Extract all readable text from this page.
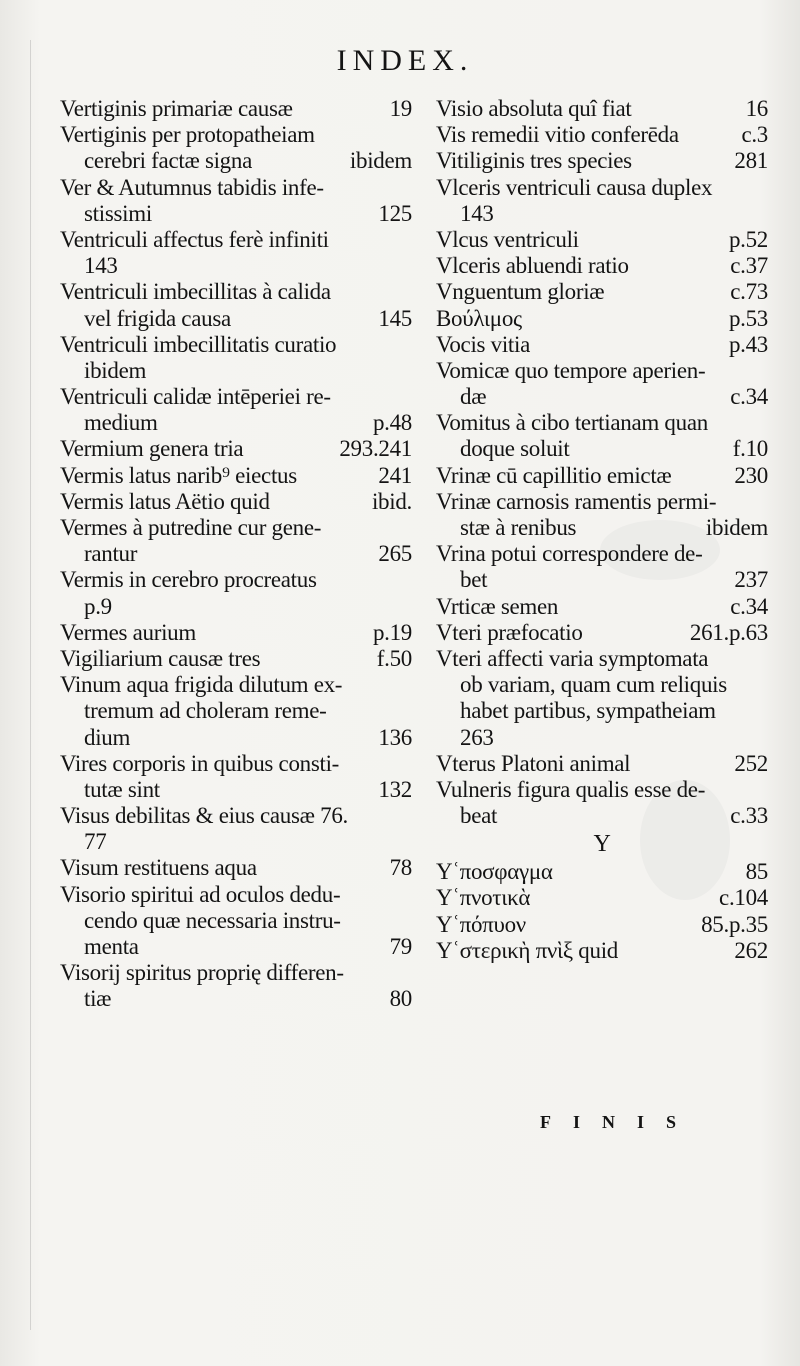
INDEX.
Vertiginis primariæ causæ	19
Vertiginis per protopatheiam
cerebri factæ signa	ibidem
Ver & Autumnus tabidis infe-
stissimi	125
Ventriculi affectus ferè infiniti
143
Ventriculi imbecillitas à calida
vel frigida causa	145
Ventriculi imbecillitatis curatio
ibidem
Ventriculi calidæ intēperiei re-
medium	p.48
Vermium genera tria	293.241
Vermis latus narib⁹ eiectus	241
Vermis latus Aëtio quid	ibid.
Vermes à putredine cur gene-
rantur	265
Vermis in cerebro procreatus
p.9
Vermes aurium	p.19
Vigiliarium causæ tres	f.50
Vinum aqua frigida dilutum ex-
tremum ad choleram reme-
dium	136
Vires corporis in quibus consti-
tutæ sint	132
Visus debilitas & eius causæ 76.
77
Visum restituens aqua	78
Visorio spiritui ad oculos dedu-
cendo quæ necessaria instru-
menta	79
Visorij spiritus proprię differen-
tiæ	80
Visio absoluta quî fiat	16
Vis remedii vitio conferēda	c.3
Vitiliginis tres species	281
Vlceris ventriculi causa duplex
143
Vlcus ventriculi	p.52
Vlceris abluendi ratio	c.37
Vnguentum gloriæ	c.73
Βούλιμος	p.53
Vocis vitia	p.43
Vomicæ quo tempore aperien-
dæ	c.34
Vomitus à cibo tertianam quan
doque soluit	f.10
Vrinæ cū capillitio emictæ	230
Vrinæ carnosis ramentis permi-
stæ à renibus	ibidem
Vrina potui correspondere de-
bet	237
Vrticæ semen	c.34
Vteri præfocatio	261.p.63
Vteri affecti varia symptomata
ob variam, quam cum reliquis
habet partibus, sympatheiam
263
Vterus Platoni animal	252
Vulneris figura qualis esse de-
beat	c.33
Y
Yʿποσφαγμα	85
Yʿπνοτικὰ	c.104
Yʿπόπυον	85.p.35
Yʿστερικὴ πνὶξ quid	262
FINIS
